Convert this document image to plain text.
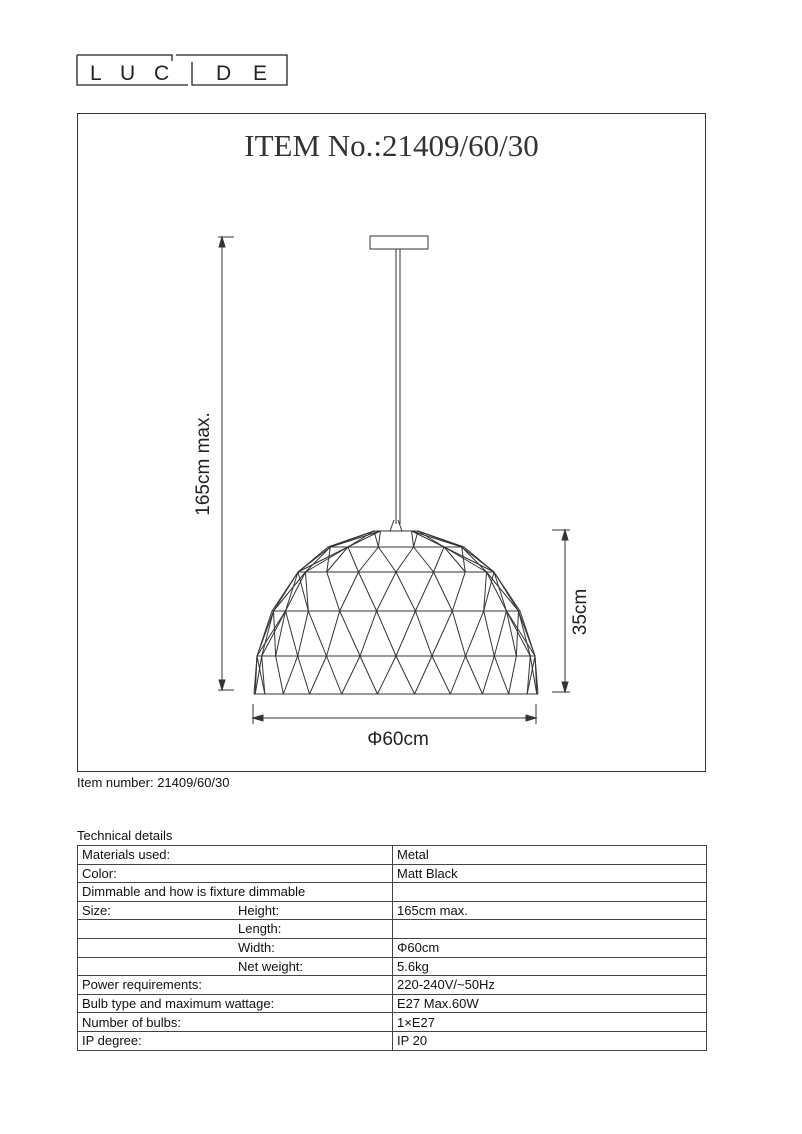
L U C D E
ITEM No.:21409/60/30
165cm max.
35cm
Φ60cm
Item number: 21409/60/30
Technical details
Materials used:	Metal
Color:	Matt Black
Dimmable and how is fixture dimmable

Size: Height:	165cm max.

Length:	

Width:	Φ60cm

Net weight:	5.6kg
Power requirements:	220-240V/~50Hz
Bulb type and maximum wattage:	E27 Max.60W
Number of bulbs:	1×E27
IP degree:	IP 20
